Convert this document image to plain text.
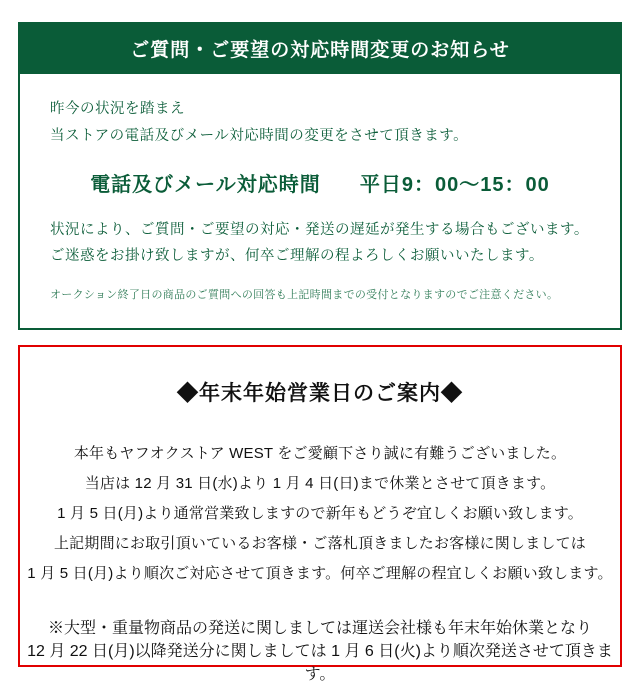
ご質問・ご要望の対応時間変更のお知らせ
昨今の状況を踏まえ
当ストアの電話及びメール対応時間の変更をさせて頂きます。
電話及びメール対応時間 平日9：00〜15：00
状況により、ご質問・ご要望の対応・発送の遅延が発生する場合もございます。
ご迷惑をお掛け致しますが、何卒ご理解の程よろしくお願いいたします。
オークション終了日の商品のご質問への回答も上記時間までの受付となりますのでご注意ください。
◆年末年始営業日のご案内◆
本年もヤフオクストア WEST をご愛顧下さり誠に有難うございました。
当店は 12 月 31 日(水)より 1 月 4 日(日)まで休業とさせて頂きます。
1 月 5 日(月)より通常営業致しますので新年もどうぞ宜しくお願い致します。
上記期間にお取引頂いているお客様・ご落札頂きましたお客様に関しましては
1 月 5 日(月)より順次ご対応させて頂きます。何卒ご理解の程宜しくお願い致します。
※大型・重量物商品の発送に関しましては運送会社様も年末年始休業となり
12 月 22 日(月)以降発送分に関しましては 1 月 6 日(火)より順次発送させて頂きます。
